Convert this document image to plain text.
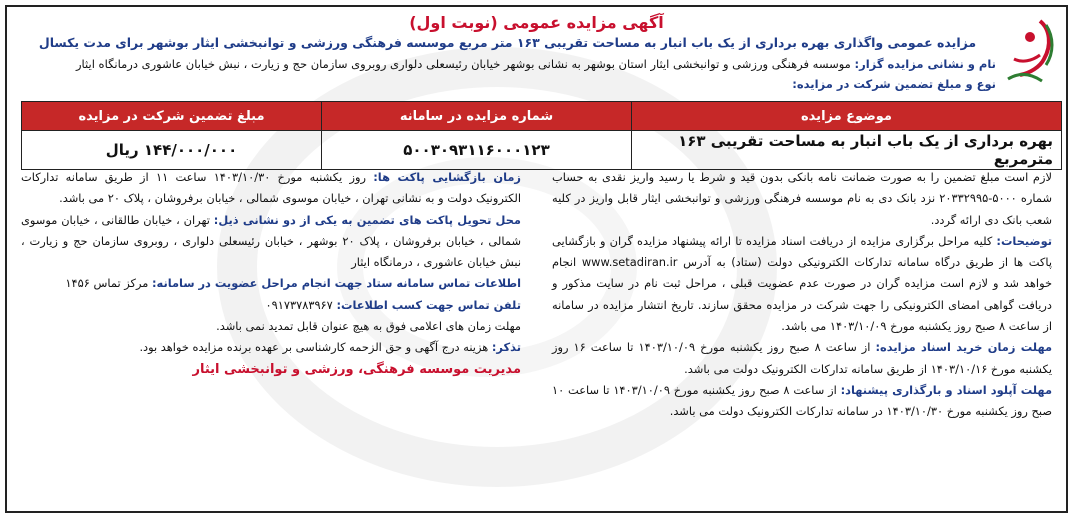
آگهی مزایده عمومی (نوبت اول)
مزایده عمومی واگذاری بهره برداری از یک باب انبار به مساحت تقریبی ۱۶۳ متر مربع موسسه فرهنگی ورزشی و توانبخشی ایثار بوشهر برای مدت یکسال
نام و نشانی مزایده گزار: موسسه فرهنگی ورزشی و توانبخشی ایثار استان بوشهر به نشانی بوشهر خیابان رئیسعلی دلواری روبروی سازمان حج و زیارت ، نبش خیابان عاشوری درمانگاه ایثار
نوع و مبلغ تضمین شرکت در مزایده:
موضوع مزایده	شماره مزایده در سامانه	مبلغ تضمین شرکت در مزایده
بهره برداری از یک باب انبار به مساحت تقریبی ۱۶۳ مترمربع	۵۰۰۳۰۹۳۱۱۶۰۰۰۱۲۳	۱۴۴/۰۰۰/۰۰۰ ریال
لازم است مبلغ تضمین را به صورت ضمانت نامه بانکی بدون قید و شرط یا رسید واریز نقدی به حساب شماره ۵۰۰۰-۲۰۳۳۲۹۹۵ نزد بانک دی به نام موسسه فرهنگی ورزشی و توانبخشی ایثار قابل واریز در کلیه شعب بانک دی ارائه گردد.
توضیحات: کلیه مراحل برگزاری مزایده از دریافت اسناد مزایده تا ارائه پیشنهاد مزایده گران و بازگشایی پاکت ها از طریق درگاه سامانه تدارکات الکترونیکی دولت (ستاد) به آدرس www.setadiran.ir انجام خواهد شد و لازم است مزایده گران در صورت عدم عضویت قبلی ، مراحل ثبت نام در سایت مذکور و دریافت گواهی امضای الکترونیکی را جهت شرکت در مزایده محقق سازند. تاریخ انتشار مزایده در سامانه از ساعت ۸ صبح روز یکشنبه مورخ ۱۴۰۳/۱۰/۰۹ می باشد.
مهلت زمان خرید اسناد مزایده: از ساعت ۸ صبح روز یکشنبه مورخ ۱۴۰۳/۱۰/۰۹ تا ساعت ۱۶ روز یکشنبه مورخ ۱۴۰۳/۱۰/۱۶ از طریق سامانه تدارکات الکترونیک دولت می باشد.
مهلت آپلود اسناد و بارگذاری پیشنهاد: از ساعت ۸ صبح روز یکشنبه مورخ ۱۴۰۳/۱۰/۰۹ تا ساعت ۱۰ صبح روز یکشنبه مورخ ۱۴۰۳/۱۰/۳۰ در سامانه تدارکات الکترونیک دولت می باشد.
زمان بازگشایی پاکت ها: روز یکشنبه مورخ ۱۴۰۳/۱۰/۳۰ ساعت ۱۱ از طریق سامانه تدارکات الکترونیک دولت و به نشانی تهران ، خیابان موسوی شمالی ، خیابان برفروشان ، پلاک ۲۰ می باشد.
محل تحویل پاکت های تضمین به یکی از دو نشانی ذیل: تهران ، خیابان طالقانی ، خیابان موسوی شمالی ، خیابان برفروشان ، پلاک ۲۰ بوشهر ، خیابان رئیسعلی دلواری ، روبروی سازمان حج و زیارت ، نبش خیابان عاشوری ، درمانگاه ایثار
اطلاعات تماس سامانه ستاد جهت انجام مراحل عضویت در سامانه: مرکز تماس ۱۴۵۶
تلفن تماس جهت کسب اطلاعات: ۰۹۱۷۳۷۸۳۹۶۷
مهلت زمان های اعلامی فوق به هیچ عنوان قابل تمدید نمی باشد.
تذکر: هزینه درج آگهی و حق الزحمه کارشناسی بر عهده برنده مزایده خواهد بود.
مدیریت موسسه فرهنگی، ورزشی و توانبخشی ایثار
